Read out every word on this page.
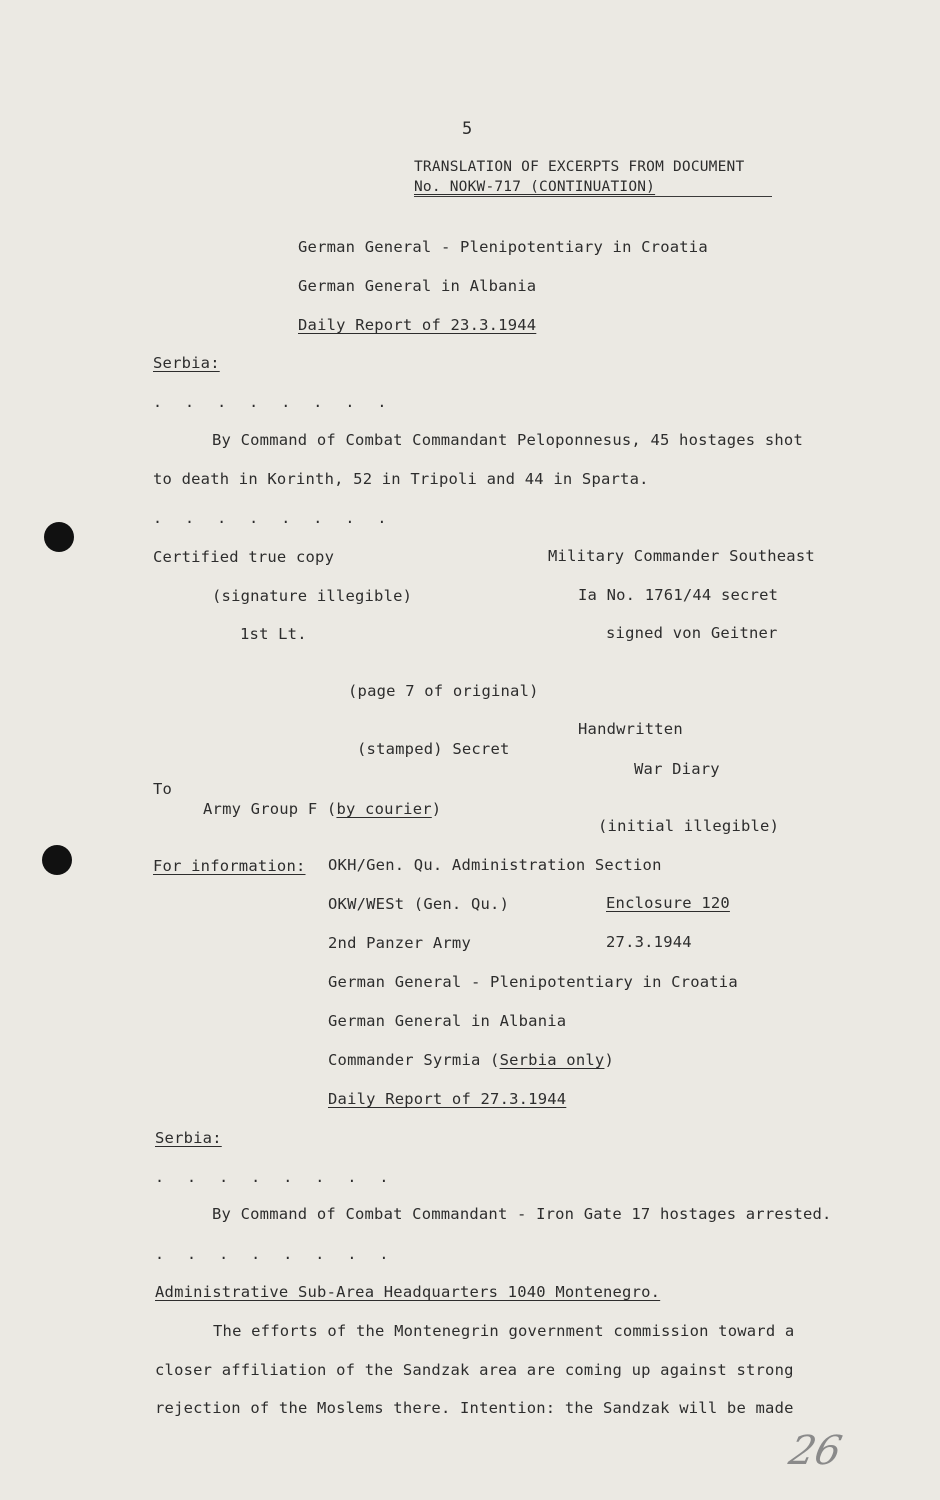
5
TRANSLATION OF EXCERPTS FROM DOCUMENT
No. NOKW-717 (CONTINUATION)
German General - Plenipotentiary in Croatia
German General in Albania
Daily Report of 23.3.1944
Serbia:
. . . . . . . .
By Command of Combat Commandant Peloponnesus, 45 hostages shot
to death in Korinth, 52 in Tripoli and 44 in Sparta.
. . . . . . . .
Certified true copy
(signature illegible)
1st Lt.
Military Commander Southeast
Ia No. 1761/44 secret
signed von Geitner
(page 7 of original)
Handwritten
(stamped) Secret
War Diary
To
Army Group F (by courier)
(initial illegible)
For information: OKH/Gen. Qu. Administration Section
OKW/WESt (Gen. Qu.)	Enclosure 120
2nd Panzer Army	27.3.1944
German General - Plenipotentiary in Croatia
German General in Albania
Commander Syrmia (Serbia only)
Daily Report of 27.3.1944
Serbia:
. . . . . . . .
By Command of Combat Commandant - Iron Gate 17 hostages arrested.
. . . . . . . .
Administrative Sub-Area Headquarters 1040 Montenegro.
The efforts of the Montenegrin government commission toward a
closer affiliation of the Sandzak area are coming up against strong
rejection of the Moslems there. Intention: the Sandzak will be made
26
